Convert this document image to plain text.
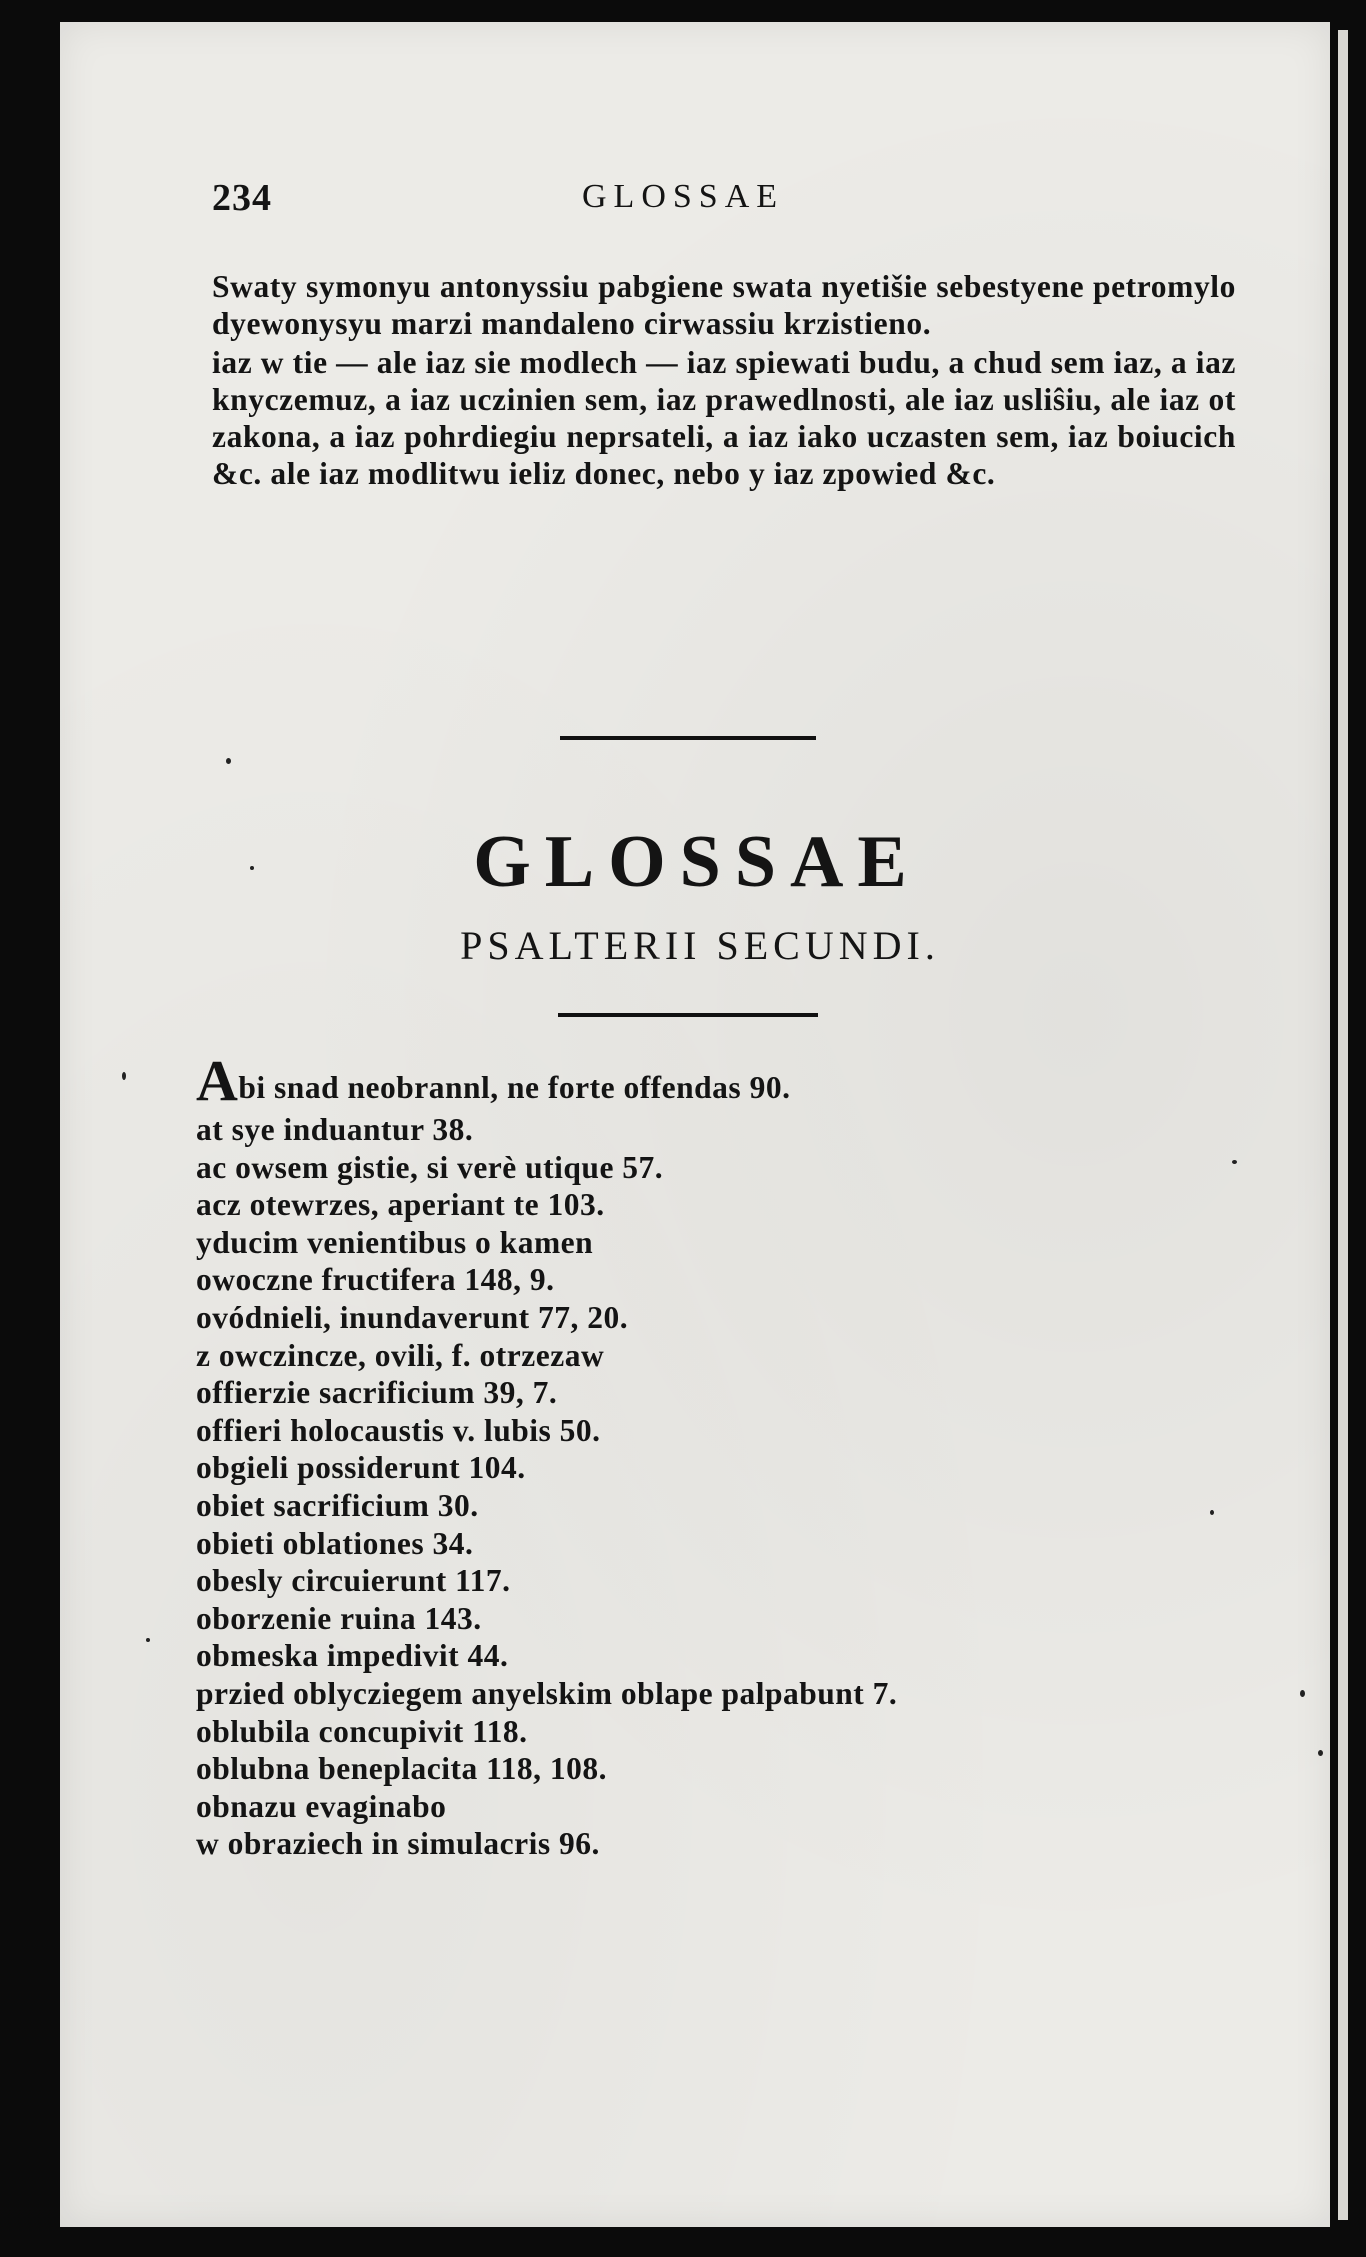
234	GLOSSAE

Swaty symonyu antonyssiu pabgiene swata nyetišie sebestyene petromylo dyewonysyu marzi mandaleno cirwassiu krzistieno.

iaz w tie — ale iaz sie modlech — iaz spiewati budu, a chud sem iaz, a iaz knyczemuz, a iaz uczinien sem, iaz prawedlnosti, ale iaz usliŝiu, ale iaz ot zakona, a iaz pohrdiegiu neprsateli, a iaz iako uczasten sem, iaz boiucich &c. ale iaz modlitwu ieliz donec, nebo y iaz zpowied &c.

GLOSSAE
PSALTERII SECUNDI.
Abi snad neobrannl, ne forte offendas 90.
at sye induantur 38.
ac owsem gistie, si verè utique 57.
acz otewrzes, aperiant te 103.
yducim venientibus o kamen
owoczne fructifera 148, 9.
ovódnieli, inundaverunt 77, 20.
z owczincze, ovili, f. otrzezaw
offierzie sacrificium 39, 7.
offieri holocaustis v. lubis 50.
obgieli possiderunt 104.
obiet sacrificium 30.
obieti oblationes 34.
obesly circuierunt 117.
oborzenie ruina 143.
obmeska impedivit 44.
przied oblycziegem anyelskim oblape palpabunt 7.
oblubila concupivit 118.
oblubna beneplacita 118, 108.
obnazu evaginabo
w obraziech in simulacris 96.
